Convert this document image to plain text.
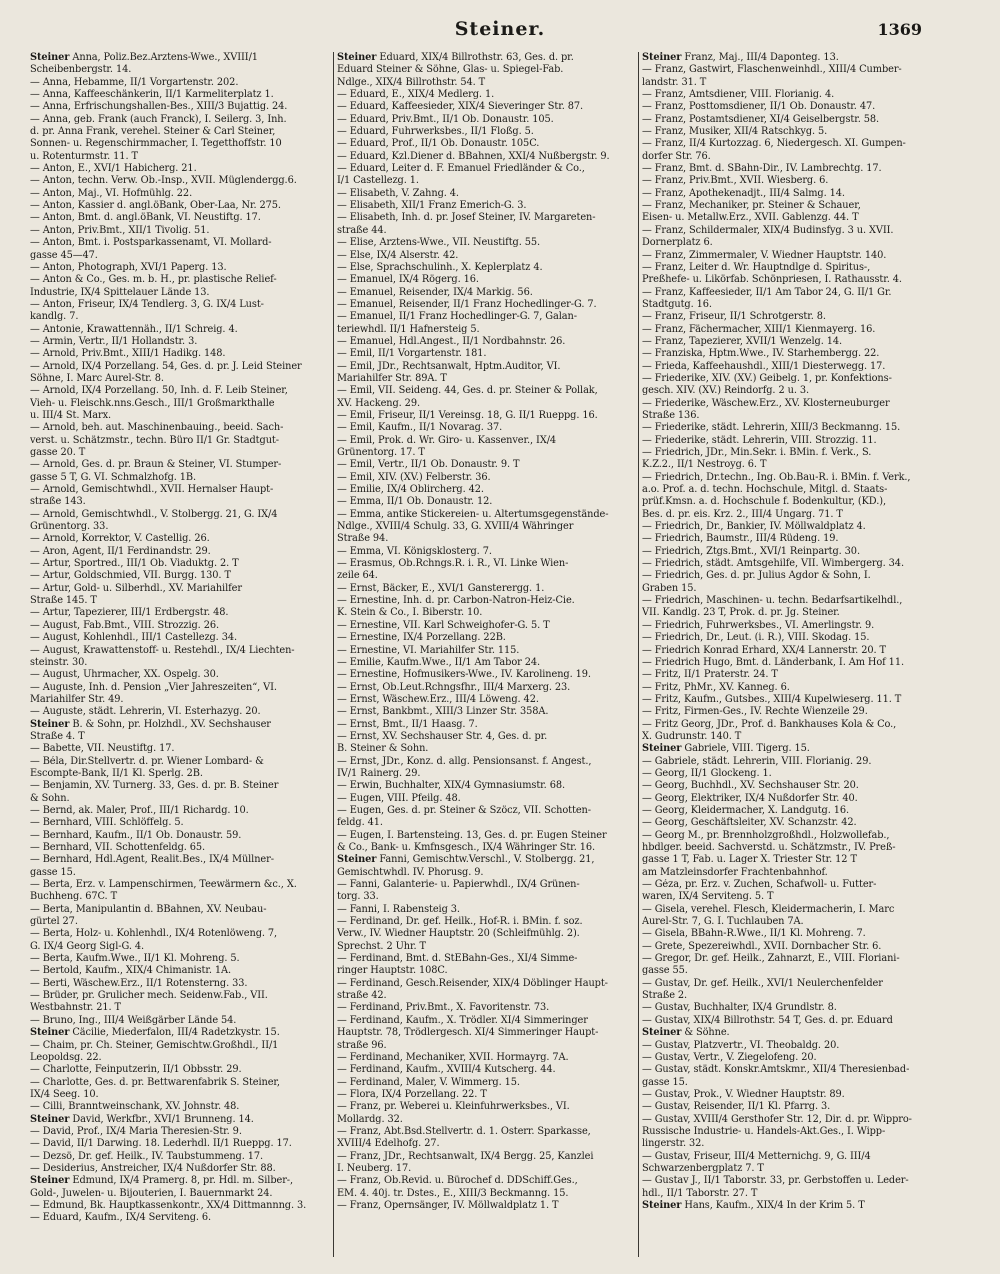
Steiner.	1369
Steiner Anna, Poliz.Bez.Arztens-Wwe., XVIII/1
Scheibenbergstr. 14.
— Anna, Hebamme, II/1 Vorgartenstr. 202.
— Anna, Kaffeeschänkerin, II/1 Karmeliterplatz 1.
— Anna, Erfrischungshallen-Bes., XIII/3 Bujattig. 24.
— Anna, geb. Frank (auch Franck), I. Seilerg. 3, Inh.
d. pr. Anna Frank, verehel. Steiner & Carl Steiner,
Sonnen- u. Regenschirmmacher, I. Tegetthoffstr. 10
u. Rotenturmstr. 11. T
— Anton, E., XVI/1 Habicherg. 21.
— Anton, techn. Verw. Ob.-Insp., XVII. Müglendergg.6.
— Anton, Maj., VI. Hofmühlg. 22.
— Anton, Kassier d. angl.öBank, Ober-Laa, Nr. 275.
— Anton, Bmt. d. angl.öBank, VI. Neustiftg. 17.
— Anton, Priv.Bmt., XII/1 Tivolig. 51.
— Anton, Bmt. i. Postsparkassenamt, VI. Mollard-
gasse 45—47.
— Anton, Photograph, XVI/1 Paperg. 13.
— Anton & Co., Ges. m. b. H., pr. plastische Relief-
Industrie, IX/4 Spittelauer Lände 13.
— Anton, Friseur, IX/4 Tendlerg. 3, G. IX/4 Lust-
kandlg. 7.
— Antonie, Krawattennäh., II/1 Schreig. 4.
— Armin, Vertr., II/1 Hollandstr. 3.
— Arnold, Priv.Bmt., XIII/1 Hadikg. 148.
— Arnold, IX/4 Porzellang. 54, Ges. d. pr. J. Leid Steiner
Söhne, I. Marc Aurel-Str. 8.
— Arnold, IX/4 Porzellang. 50, Inh. d. F. Leib Steiner,
Vieh- u. Fleischk.nns.Gesch., III/1 Großmarkthalle
u. III/4 St. Marx.
— Arnold, beh. aut. Maschinenbauing., beeid. Sach-
verst. u. Schätzmstr., techn. Büro II/1 Gr. Stadtgut-
gasse 20. T
— Arnold, Ges. d. pr. Braun & Steiner, VI. Stumper-
gasse 5 T, G. VI. Schmalzhofg. 1B.
— Arnold, Gemischtwhdl., XVII. Hernalser Haupt-
straße 143.
— Arnold, Gemischtwhdl., V. Stolbergg. 21, G. IX/4
Grünentorg. 33.
— Arnold, Korrektor, V. Castellig. 26.
— Aron, Agent, II/1 Ferdinandstr. 29.
— Artur, Sportred., III/1 Ob. Viaduktg. 2. T
— Artur, Goldschmied, VII. Burgg. 130. T
— Artur, Gold- u. Silberhdl., XV. Mariahilfer
Straße 145. T
— Artur, Tapezierer, III/1 Erdbergstr. 48.
— August, Fab.Bmt., VIII. Strozzig. 26.
— August, Kohlenhdl., III/1 Castellezg. 34.
— August, Krawattenstoff- u. Restehdl., IX/4 Liechten-
steinstr. 30.
— August, Uhrmacher, XX. Ospelg. 30.
— Auguste, Inh. d. Pension „Vier Jahreszeiten“, VI.
Mariahilfer Str. 49.
— Auguste, städt. Lehrerin, VI. Esterhazyg. 20.
Steiner B. & Sohn, pr. Holzhdl., XV. Sechshauser
Straße 4. T
— Babette, VII. Neustiftg. 17.
— Béla, Dir.Stellvertr. d. pr. Wiener Lombard- &
Escompte-Bank, II/1 Kl. Sperlg. 2B.
— Benjamin, XV. Turnerg. 33, Ges. d. pr. B. Steiner
& Sohn.
— Bernd, ak. Maler, Prof., III/1 Richardg. 10.
— Bernhard, VIII. Schlöffelg. 5.
— Bernhard, Kaufm., II/1 Ob. Donaustr. 59.
— Bernhard, VII. Schottenfeldg. 65.
— Bernhard, Hdl.Agent, Realit.Bes., IX/4 Müllner-
gasse 15.
— Berta, Erz. v. Lampenschirmen, Teewärmern &c., X.
Buchheng. 67C. T
— Berta, Manipulantin d. BBahnen, XV. Neubau-
gürtel 27.
— Berta, Holz- u. Kohlenhdl., IX/4 Rotenlöweng. 7,
G. IX/4 Georg Sigl-G. 4.
— Berta, Kaufm.Wwe., II/1 Kl. Mohreng. 5.
— Bertold, Kaufm., XIX/4 Chimanistr. 1A.
— Berti, Wäschew.Erz., II/1 Rotensterng. 33.
— Brüder, pr. Grulicher mech. Seidenw.Fab., VII.
Westbahnstr. 21. T
— Bruno, Ing., III/4 Weißgärber Lände 54.
Steiner Cäcilie, Miederfalon, III/4 Radetzkystr. 15.
— Chaim, pr. Ch. Steiner, Gemischtw.Großhdl., II/1
Leopoldsg. 22.
— Charlotte, Feinputzerin, II/1 Obbsstr. 29.
— Charlotte, Ges. d. pr. Bettwarenfabrik S. Steiner,
IX/4 Seeg. 10.
— Cilli, Branntweinschank, XV. Johnstr. 48.
Steiner David, Werkfbr., XVI/1 Brunneng. 14.
— David, Prof., IX/4 Maria Theresien-Str. 9.
— David, II/1 Darwing. 18. Lederhdl. II/1 Rueppg. 17.
— Dezsö, Dr. gef. Heilk., IV. Taubstummeng. 17.
— Desiderius, Anstreicher, IX/4 Nußdorfer Str. 88.
Steiner Edmund, IX/4 Pramerg. 8, pr. Hdl. m. Silber-,
Gold-, Juwelen- u. Bijouterien, I. Bauernmarkt 24.
— Edmund, Bk. Hauptkassenkontr., XX/4 Dittmannng. 3.
— Eduard, Kaufm., IX/4 Serviteng. 6.
Steiner Eduard, XIX/4 Billrothstr. 63, Ges. d. pr.
Eduard Steiner & Söhne, Glas- u. Spiegel-Fab.
Ndlge., XIX/4 Billrothstr. 54. T
— Eduard, E., XIX/4 Medlerg. 1.
— Eduard, Kaffeesieder, XIX/4 Sieveringer Str. 87.
— Eduard, Priv.Bmt., II/1 Ob. Donaustr. 105.
— Eduard, Fuhrwerksbes., II/1 Floßg. 5.
— Eduard, Prof., II/1 Ob. Donaustr. 105C.
— Eduard, Kzl.Diener d. BBahnen, XXI/4 Nußbergstr. 9.
— Eduard, Leiter d. F. Emanuel Friedländer & Co.,
I/1 Castellezg. 1.
— Elisabeth, V. Zahng. 4.
— Elisabeth, XII/1 Franz Emerich-G. 3.
— Elisabeth, Inh. d. pr. Josef Steiner, IV. Margareten-
straße 44.
— Elise, Arztens-Wwe., VII. Neustiftg. 55.
— Else, IX/4 Alserstr. 42.
— Else, Sprachschulinh., X. Keplerplatz 4.
— Emanuel, IX/4 Rögerg. 16.
— Emanuel, Reisender, IX/4 Markig. 56.
— Emanuel, Reisender, II/1 Franz Hochedlinger-G. 7.
— Emanuel, II/1 Franz Hochedlinger-G. 7, Galan-
teriewhdl. II/1 Hafnersteig 5.
— Emanuel, Hdl.Angest., II/1 Nordbahnstr. 26.
— Emil, II/1 Vorgartenstr. 181.
— Emil, JDr., Rechtsanwalt, Hptm.Auditor, VI.
Mariahilfer Str. 89A. T
— Emil, VII. Seideng. 44, Ges. d. pr. Steiner & Pollak,
XV. Hackeng. 29.
— Emil, Friseur, II/1 Vereinsg. 18, G. II/1 Rueppg. 16.
— Emil, Kaufm., II/1 Novarag. 37.
— Emil, Prok. d. Wr. Giro- u. Kassenver., IX/4
Grünentorg. 17. T
— Emil, Vertr., II/1 Ob. Donaustr. 9. T
— Emil, XIV. (XV.) Felberstr. 36.
— Emilie, IX/4 Oblircherg. 42.
— Emma, II/1 Ob. Donaustr. 12.
— Emma, antike Stickereien- u. Altertumsgegenstände-
Ndlge., XVIII/4 Schulg. 33, G. XVIII/4 Währinger
Straße 94.
— Emma, VI. Königsklosterg. 7.
— Erasmus, Ob.Rchngs.R. i. R., VI. Linke Wien-
zeile 64.
— Ernst, Bäcker, E., XVI/1 Gansterergg. 1.
— Ernestine, Inh. d. pr. Carbon-Natron-Heiz-Cie.
K. Stein & Co., I. Biberstr. 10.
— Ernestine, VII. Karl Schweighofer-G. 5. T
— Ernestine, IX/4 Porzellang. 22B.
— Ernestine, VI. Mariahilfer Str. 115.
— Emilie, Kaufm.Wwe., II/1 Am Tabor 24.
— Ernestine, Hofmusikers-Wwe., IV. Karolineng. 19.
— Ernst, Ob.Leut.Rchngsfhr., III/4 Marxerg. 23.
— Ernst, Wäschew.Erz., III/4 Löweng. 42.
— Ernst, Bankbmt., XIII/3 Linzer Str. 358A.
— Ernst, Bmt., II/1 Haasg. 7.
— Ernst, XV. Sechshauser Str. 4, Ges. d. pr.
B. Steiner & Sohn.
— Ernst, JDr., Konz. d. allg. Pensionsanst. f. Angest.,
IV/1 Rainerg. 29.
— Erwin, Buchhalter, XIX/4 Gymnasiumstr. 68.
— Eugen, VIII. Pfeilg. 48.
— Eugen, Ges. d. pr. Steiner & Szöcz, VII. Schotten-
feldg. 41.
— Eugen, I. Bartensteing. 13, Ges. d. pr. Eugen Steiner
& Co., Bank- u. Kmfnsgesch., IX/4 Währinger Str. 16.
Steiner Fanni, Gemischtw.Verschl., V. Stolbergg. 21,
Gemischtwhdl. IV. Phorusg. 9.
— Fanni, Galanterie- u. Papierwhdl., IX/4 Grünen-
torg. 33.
— Fanni, I. Rabensteig 3.
— Ferdinand, Dr. gef. Heilk., Hof-R. i. BMin. f. soz.
Verw., IV. Wiedner Hauptstr. 20 (Schleifmühlg. 2).
Sprechst. 2 Uhr. T
— Ferdinand, Bmt. d. StEBahn-Ges., XI/4 Simme-
ringer Hauptstr. 108C.
— Ferdinand, Gesch.Reisender, XIX/4 Döblinger Haupt-
straße 42.
— Ferdinand, Priv.Bmt., X. Favoritenstr. 73.
— Ferdinand, Kaufm., X. Trödler. XI/4 Simmeringer
Hauptstr. 78, Trödlergesch. XI/4 Simmeringer Haupt-
straße 96.
— Ferdinand, Mechaniker, XVII. Hormayrg. 7A.
— Ferdinand, Kaufm., XVIII/4 Kutscherg. 44.
— Ferdinand, Maler, V. Wimmerg. 15.
— Flora, IX/4 Porzellang. 22. T
— Franz, pr. Weberei u. Kleinfuhrwerksbes., VI.
Mollardg. 32.
— Franz, Abt.Bsd.Stellvertr. d. 1. Österr. Sparkasse,
XVIII/4 Edelhofg. 27.
— Franz, JDr., Rechtsanwalt, IX/4 Bergg. 25, Kanzlei
I. Neuberg. 17.
— Franz, Ob.Revid. u. Bürochef d. DDSchiff.Ges.,
EM. 4. 40j. tr. Dstes., E., XIII/3 Beckmanng. 15.
— Franz, Opernsänger, IV. Möllwaldplatz 1. T
Steiner Franz, Maj., III/4 Daponteg. 13.
— Franz, Gastwirt, Flaschenweinhdl., XIII/4 Cumber-
landstr. 31. T
— Franz, Amtsdiener, VIII. Florianig. 4.
— Franz, Posttomsdiener, II/1 Ob. Donaustr. 47.
— Franz, Postamtsdiener, XI/4 Geiselbergstr. 58.
— Franz, Musiker, XII/4 Ratschkyg. 5.
— Franz, II/4 Kurtozzag. 6, Niedergesch. XI. Gumpen-
dorfer Str. 76.
— Franz, Bmt. d. SBahn-Dir., IV. Lambrechtg. 17.
— Franz, Priv.Bmt., XVII. Wiesberg. 6.
— Franz, Apothekenadjt., III/4 Salmg. 14.
— Franz, Mechaniker, pr. Steiner & Schauer,
Eisen- u. Metallw.Erz., XVII. Gablenzg. 44. T
— Franz, Schildermaler, XIX/4 Budinsfyg. 3 u. XVII.
Dornerplatz 6.
— Franz, Zimmermaler, V. Wiedner Hauptstr. 140.
— Franz, Leiter d. Wr. Hauptndlge d. Spiritus-,
Preßhefe- u. Likörfab. Schönpriesen, I. Rathausstr. 4.
— Franz, Kaffeesieder, II/1 Am Tabor 24, G. II/1 Gr.
Stadtgutg. 16.
— Franz, Friseur, II/1 Schrotgerstr. 8.
— Franz, Fächermacher, XIII/1 Kienmayerg. 16.
— Franz, Tapezierer, XVII/1 Wenzelg. 14.
— Franziska, Hptm.Wwe., IV. Starhembergg. 22.
— Frieda, Kaffeehaushdl., XIII/1 Diesterwegg. 17.
— Friederike, XIV. (XV.) Geibelg. 1, pr. Konfektions-
gesch. XIV. (XV.) Reindorfg. 2 u. 3.
— Friederike, Wäschew.Erz., XV. Klosterneuburger
Straße 136.
— Friederike, städt. Lehrerin, XIII/3 Beckmanng. 15.
— Friederike, städt. Lehrerin, VIII. Strozzig. 11.
— Friedrich, JDr., Min.Sekr. i. BMin. f. Verk., S.
K.Z.2., II/1 Nestroyg. 6. T
— Friedrich, Dr.techn., Ing. Ob.Bau-R. i. BMin. f. Verk.,
a.o. Prof. a. d. techn. Hochschule, Mitgl. d. Staats-
prüf.Kmsn. a. d. Hochschule f. Bodenkultur, (KD.),
Bes. d. pr. eis. Krz. 2., III/4 Ungarg. 71. T
— Friedrich, Dr., Bankier, IV. Möllwaldplatz 4.
— Friedrich, Baumstr., III/4 Rüdeng. 19.
— Friedrich, Ztgs.Bmt., XVI/1 Reinpartg. 30.
— Friedrich, städt. Amtsgehilfe, VII. Wimbergerg. 34.
— Friedrich, Ges. d. pr. Julius Agdor & Sohn, I.
Graben 15.
— Friedrich, Maschinen- u. techn. Bedarfsartikelhdl.,
VII. Kandlg. 23 T, Prok. d. pr. Jg. Steiner.
— Friedrich, Fuhrwerksbes., VI. Amerlingstr. 9.
— Friedrich, Dr., Leut. (i. R.), VIII. Skodag. 15.
— Friedrich Konrad Erhard, XX/4 Lannerstr. 20. T
— Friedrich Hugo, Bmt. d. Länderbank, I. Am Hof 11.
— Fritz, II/1 Praterstr. 24. T
— Fritz, PhMr., XV. Kanneg. 6.
— Fritz, Kaufm., Gutsbes., XIII/4 Kupelwieserg. 11. T
— Fritz, Firmen-Ges., IV. Rechte Wienzeile 29.
— Fritz Georg, JDr., Prof. d. Bankhauses Kola & Co.,
X. Gudrunstr. 140. T
Steiner Gabriele, VIII. Tigerg. 15.
— Gabriele, städt. Lehrerin, VIII. Florianig. 29.
— Georg, II/1 Glockeng. 1.
— Georg, Buchhdl., XV. Sechshauser Str. 20.
— Georg, Elektriker, IX/4 Nußdorfer Str. 40.
— Georg, Kleidermacher, X. Landgutg. 16.
— Georg, Geschäftsleiter, XV. Schanzstr. 42.
— Georg M., pr. Brennholzgroßhdl., Holzwollefab.,
hbdlger. beeid. Sachverstd. u. Schätzmstr., IV. Preß-
gasse 1 T, Fab. u. Lager X. Triester Str. 12 T
am Matzleinsdorfer Frachtenbahnhof.
— Géza, pr. Erz. v. Zuchen, Schafwoll- u. Futter-
waren, IX/4 Serviteng. 5. T
— Gisela, verehel. Flesch, Kleidermacherin, I. Marc
Aurel-Str. 7, G. I. Tuchlauben 7A.
— Gisela, BBahn-R.Wwe., II/1 Kl. Mohreng. 7.
— Grete, Spezereiwhdl., XVII. Dornbacher Str. 6.
— Gregor, Dr. gef. Heilk., Zahnarzt, E., VIII. Floriani-
gasse 55.
— Gustav, Dr. gef. Heilk., XVI/1 Neulerchenfelder
Straße 2.
— Gustav, Buchhalter, IX/4 Grundlstr. 8.
— Gustav, XIX/4 Billrothstr. 54 T, Ges. d. pr. Eduard
Steiner & Söhne.
— Gustav, Platzvertr., VI. Theobaldg. 20.
— Gustav, Vertr., V. Ziegelofeng. 20.
— Gustav, städt. Konskr.Amtskmr., XII/4 Theresienbad-
gasse 15.
— Gustav, Prok., V. Wiedner Hauptstr. 89.
— Gustav, Reisender, II/1 Kl. Pfarrg. 3.
— Gustav, XVIII/4 Gersthofer Str. 12, Dir. d. pr. Wippro-
Russische Industrie- u. Handels-Akt.Ges., I. Wipp-
lingerstr. 32.
— Gustav, Friseur, III/4 Metternichg. 9, G. III/4
Schwarzenbergplatz 7. T
— Gustav J., II/1 Taborstr. 33, pr. Gerbstoffen u. Leder-
hdl., II/1 Taborstr. 27. T
Steiner Hans, Kaufm., XIX/4 In der Krim 5. T
